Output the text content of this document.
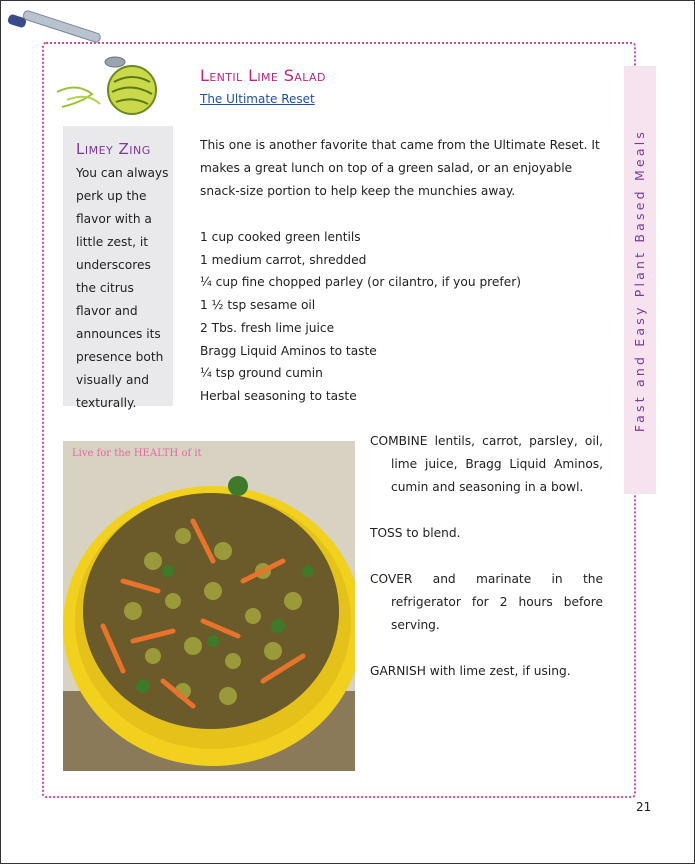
Limey Zing
You can always perk up the flavor with a little zest, it underscores the citrus flavor and announces its presence both visually and texturally.
Lentil Lime Salad
The Ultimate Reset
This one is another favorite that came from the Ultimate Reset. It makes a great lunch on top of a green salad, or an enjoyable snack-size portion to help keep the munchies away.
1 cup cooked green lentils
1 medium carrot, shredded
¼ cup fine chopped parley (or cilantro, if you prefer)
1 ½ tsp sesame oil
2 Tbs. fresh lime juice
Bragg Liquid Aminos to taste
¼ tsp ground cumin
Herbal seasoning to taste	Fast and Easy Plant Based Meals
Live for the HEALTH of it

COMBINE lentils, carrot, parsley, oil, lime juice, Bragg Liquid Aminos, cumin and seasoning in a bowl.

TOSS to blend.

COVER and marinate in the refrigerator for 2 hours before serving.

GARNISH with lime zest, if using.

21
